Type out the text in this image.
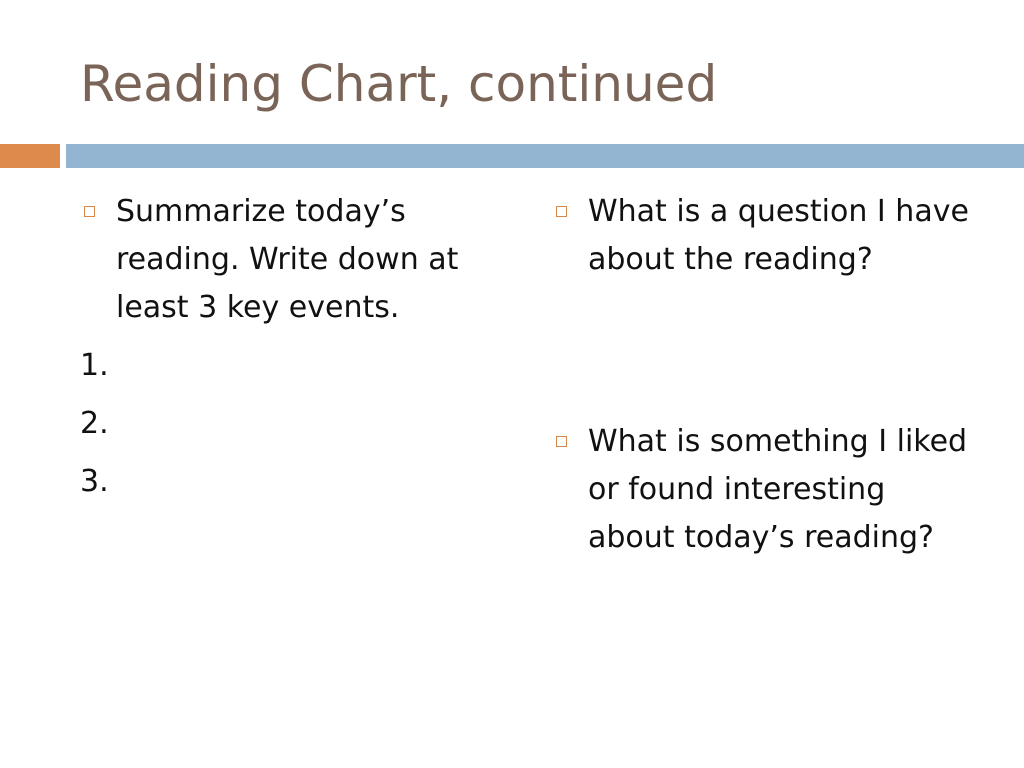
Reading Chart, continued
Summarize today’s reading. Write down at least 3 key events.
1.
2.
3.
What is a question I have about the reading?
What is something I liked or found interesting about today’s reading?
